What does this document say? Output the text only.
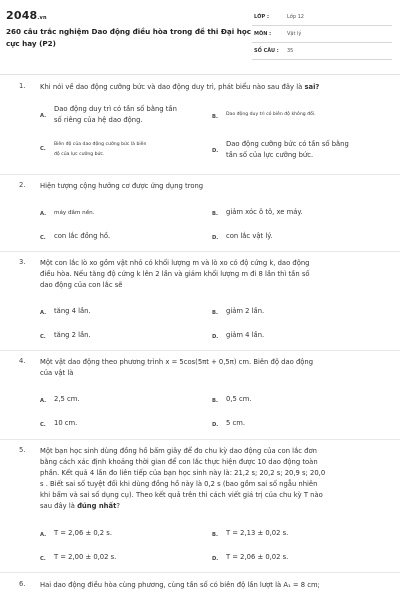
2048.vn
260 câu trắc nghiệm Dao động điều hòa trong đề thi Đại học cực hay (P2)
LỚP :	Lớp 12
MÔN :	Vật lý
SỐ CÂU : 35
1. Khi nói về dao động cưỡng bức và dao động duy trì, phát biểu nào sau đây là sai?
A.
Dao động duy trì có tần số bằng tần
số riêng của hệ dao động.	B. Dao động duy trì có biên độ không đổi.
C.
Biên độ của dao động cưỡng bức là biên
độ của lực cưỡng bức.	D.
Dao động cưỡng bức có tần số bằng
tần số của lực cưỡng bức.
2. Hiện tượng cộng hưởng cơ được ứng dụng trong
A. máy đầm nền.	B. giảm xóc ô tô, xe máy.
C. con lắc đồng hồ.	D. con lắc vật lý.
3. Một con lắc lò xo gồm vật nhỏ có khối lượng m và lò xo có độ cứng k, dao động
điều hòa. Nếu tăng độ cứng k lên 2 lần và giảm khối lượng m đi 8 lần thì tần số
dao động của con lắc sẽ
A. tăng 4 lần.	B. giảm 2 lần.
C. tăng 2 lần.	D. giảm 4 lần.
4. Một vật dao động theo phương trình x = 5cos(5πt + 0,5π) cm. Biên độ dao động
của vật là
A. 2,5 cm.	B. 0,5 cm.
C. 10 cm.	D. 5 cm.
5. Một bạn học sinh dùng đồng hồ bấm giây để đo chu kỳ dao động của con lắc đơn
bằng cách xác định khoảng thời gian để con lắc thực hiện được 10 dao động toàn
phần. Kết quả 4 lần đo liên tiếp của bạn học sinh này là: 21,2 s; 20,2 s; 20,9 s; 20,0
s . Biết sai số tuyệt đối khi dùng đồng hồ này là 0,2 s (bao gồm sai số ngẫu nhiên
khi bấm và sai số dụng cụ). Theo kết quả trên thì cách viết giá trị của chu kỳ T nào
sau đây là đúng nhất?
A. T = 2,06 ± 0,2 s.	B. T = 2,13 ± 0,02 s.
C. T = 2,00 ± 0,02 s.	D. T = 2,06 ± 0,02 s.
6. Hai dao động điều hòa cùng phương, cùng tần số có biên độ lần lượt là A₁ = 8 cm;
